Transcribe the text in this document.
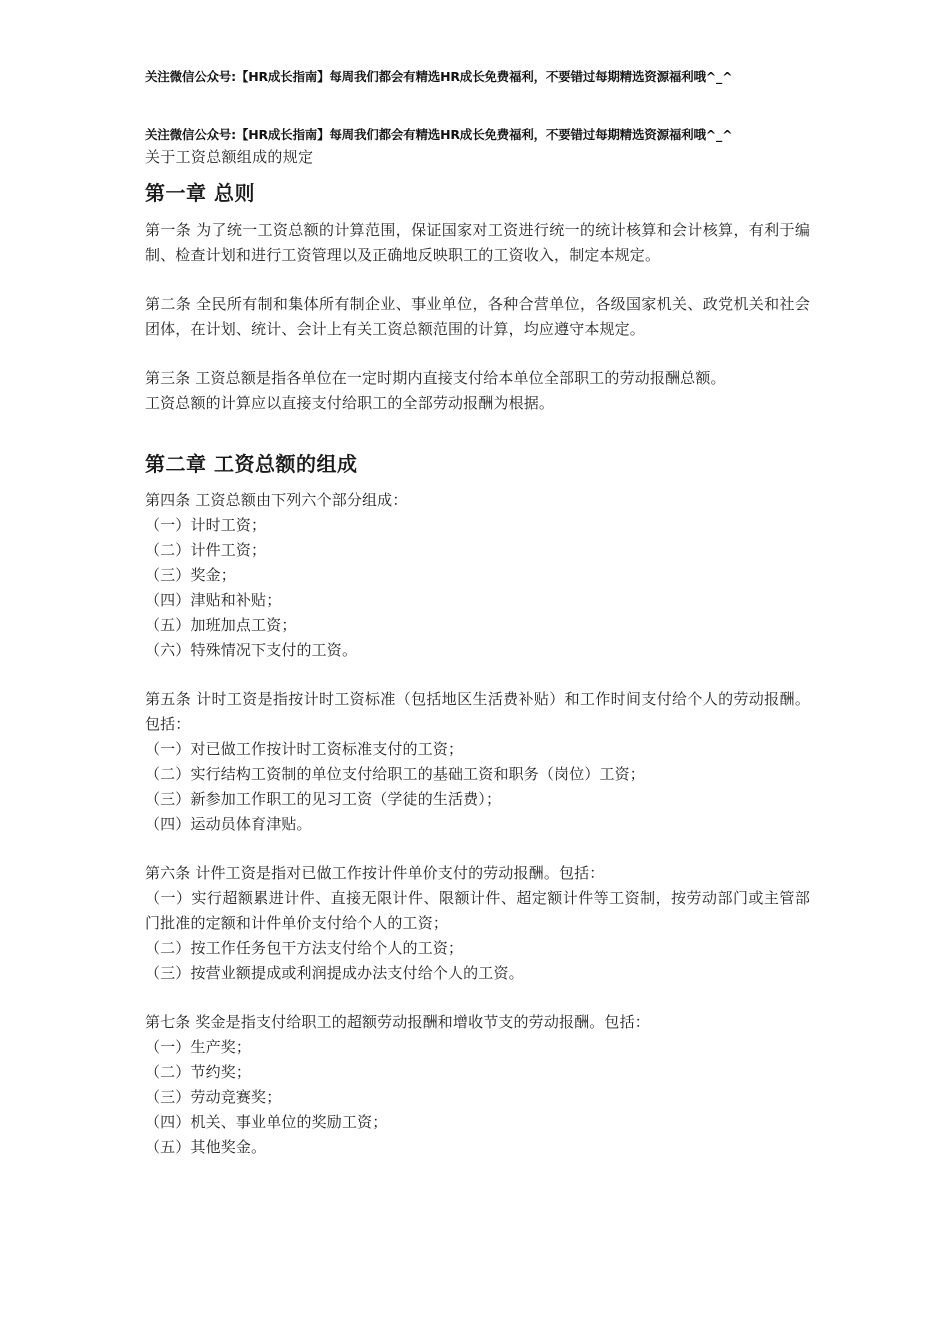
关注微信公众号:【HR成长指南】每周我们都会有精选HR成长免费福利，不要错过每期精选资源福利哦^_^
关注微信公众号:【HR成长指南】每周我们都会有精选HR成长免费福利，不要错过每期精选资源福利哦^_^
关于工资总额组成的规定
第一章 总则

第一条 为了统一工资总额的计算范围，保证国家对工资进行统一的统计核算和会计核算，有利于编制、检查计划和进行工资管理以及正确地反映职工的工资收入，制定本规定。

第二条 全民所有制和集体所有制企业、事业单位，各种合营单位，各级国家机关、政党机关和社会团体，在计划、统计、会计上有关工资总额范围的计算，均应遵守本规定。

第三条 工资总额是指各单位在一定时期内直接支付给本单位全部职工的劳动报酬总额。

工资总额的计算应以直接支付给职工的全部劳动报酬为根据。

第二章 工资总额的组成

第四条 工资总额由下列六个部分组成：

（一）计时工资；
（二）计件工资；
（三）奖金；
（四）津贴和补贴；
（五）加班加点工资；
（六）特殊情况下支付的工资。

第五条 计时工资是指按计时工资标准（包括地区生活费补贴）和工作时间支付给个人的劳动报酬。包括：

（一）对已做工作按计时工资标准支付的工资；
（二）实行结构工资制的单位支付给职工的基础工资和职务（岗位）工资；
（三）新参加工作职工的见习工资（学徒的生活费）；
（四）运动员体育津贴。

第六条 计件工资是指对已做工作按计件单价支付的劳动报酬。包括：

（一）实行超额累进计件、直接无限计件、限额计件、超定额计件等工资制，按劳动部门或主管部门批准的定额和计件单价支付给个人的工资；
（二）按工作任务包干方法支付给个人的工资；
（三）按营业额提成或利润提成办法支付给个人的工资。

第七条 奖金是指支付给职工的超额劳动报酬和增收节支的劳动报酬。包括：

（一）生产奖；
（二）节约奖；
（三）劳动竞赛奖；
（四）机关、事业单位的奖励工资；
（五）其他奖金。
